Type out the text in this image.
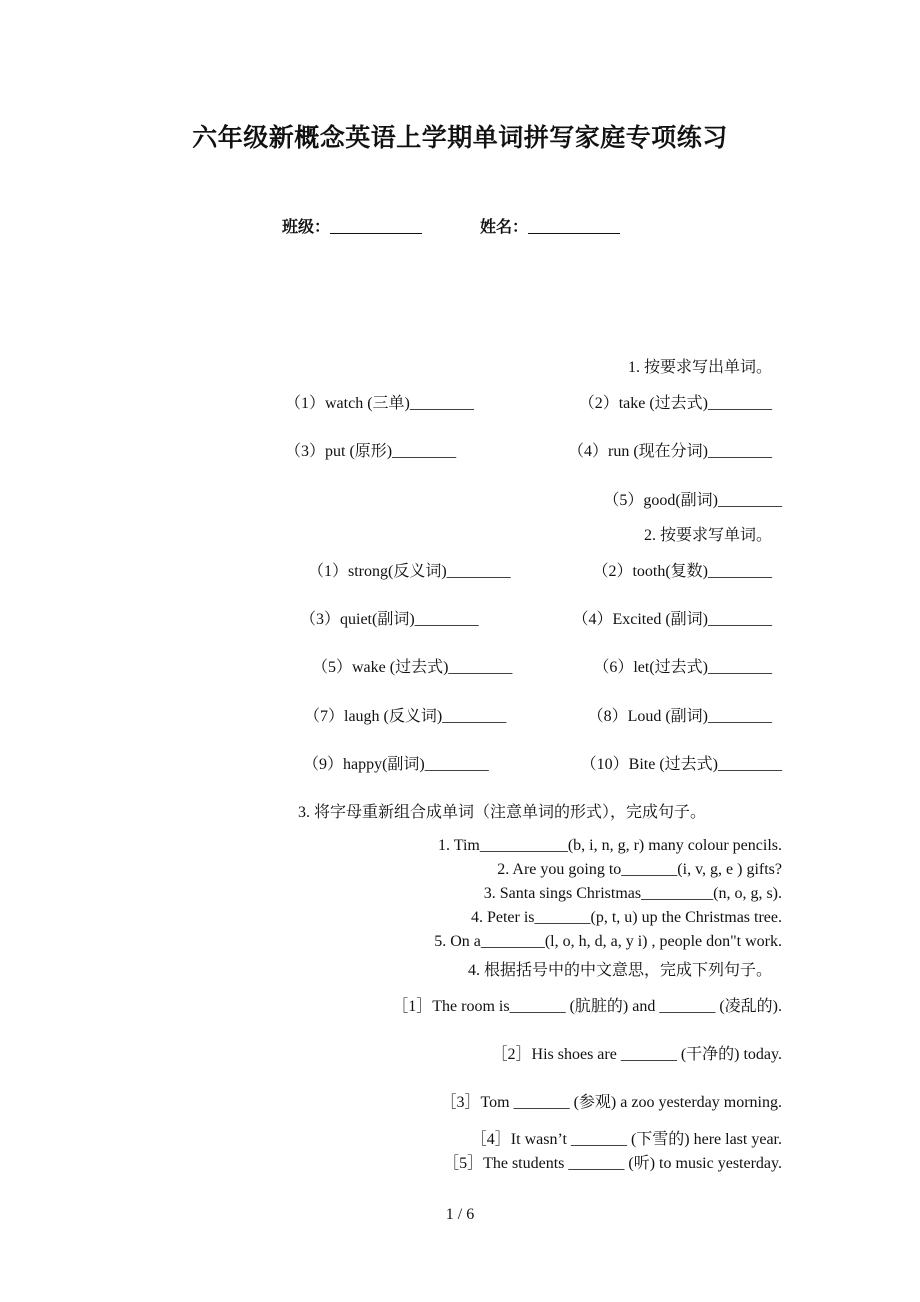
六年级新概念英语上学期单词拼写家庭专项练习
班级：	姓名：
1. 按要求写出单词。
（1）watch (三单)________	（2）take (过去式)________
（3）put (原形)________	（4）run (现在分词)________
（5）good(副词)________
2. 按要求写单词。
（1）strong(反义词)________	（2）tooth(复数)________
（3）quiet(副词)________	（4）Excited (副词)________
（5）wake (过去式)________	（6）let(过去式)________
（7）laugh (反义词)________	（8）Loud (副词)________
（9）happy(副词)________	（10）Bite (过去式)________
3. 将字母重新组合成单词（注意单词的形式），完成句子。
1. Tim___________(b, i, n, g, r) many colour pencils.
2. Are you going to_______(i, v, g, e ) gifts?
3. Santa sings Christmas_________(n, o, g, s).
4. Peter is_______(p, t, u) up the Christmas tree.
5. On a________(l, o, h, d, a, y i) , people don"t work.
4. 根据括号中的中文意思，完成下列句子。
［1］The room is_______ (肮脏的) and _______ (凌乱的).
［2］His shoes are _______ (干净的) today.
［3］Tom _______ (参观) a zoo yesterday morning.
［4］It wasn’t _______ (下雪的) here last year.
［5］The students _______ (听) to music yesterday.
1 / 6
